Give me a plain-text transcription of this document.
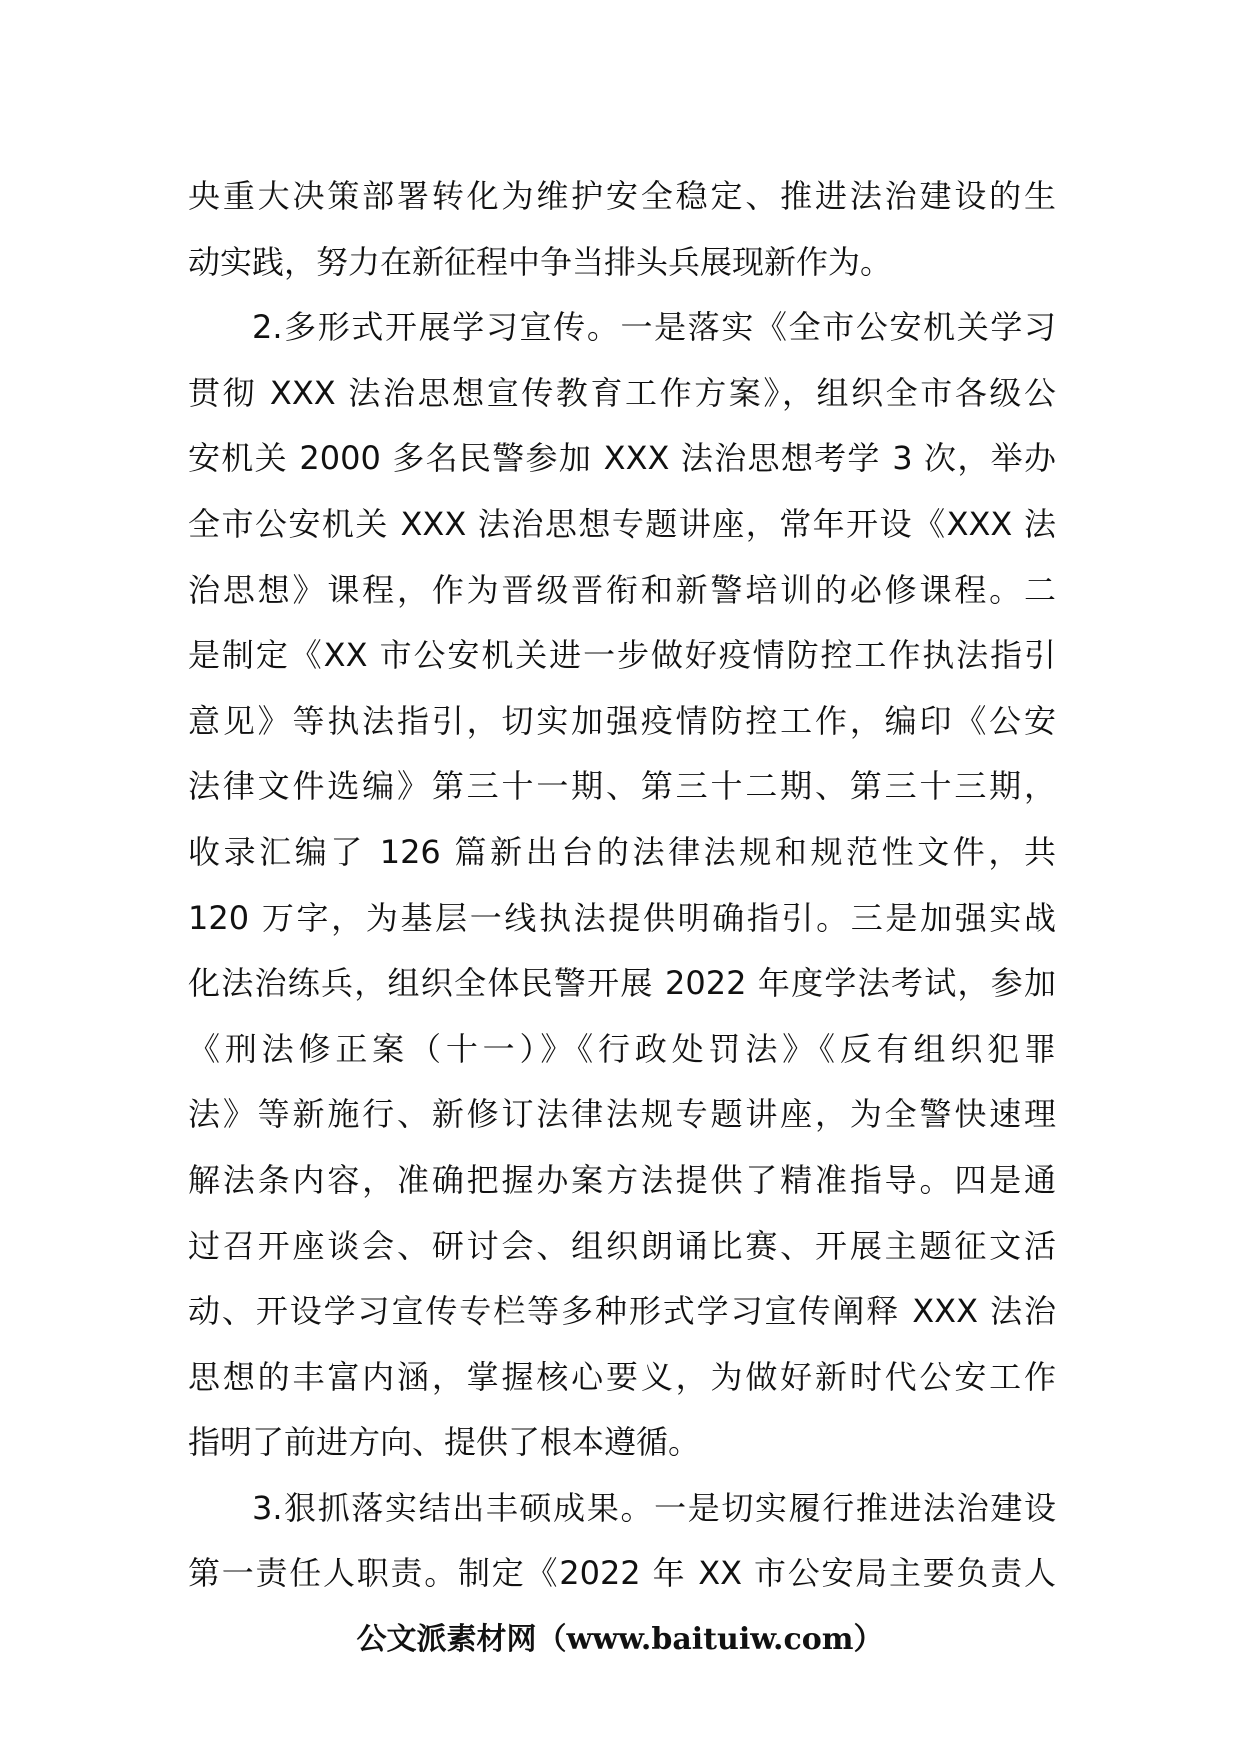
央重大决策部署转化为维护安全稳定、推进法治建设的生
动实践，努力在新征程中争当排头兵展现新作为。
2.多形式开展学习宣传。一是落实《全市公安机关学习
贯彻 XXX 法治思想宣传教育工作方案》，组织全市各级公
安机关 2000 多名民警参加 XXX 法治思想考学 3 次，举办
全市公安机关 XXX 法治思想专题讲座，常年开设《XXX 法
治思想》课程，作为晋级晋衔和新警培训的必修课程。二
是制定《XX 市公安机关进一步做好疫情防控工作执法指引
意见》等执法指引，切实加强疫情防控工作，编印《公安
法律文件选编》第三十一期、第三十二期、第三十三期，
收录汇编了 126 篇新出台的法律法规和规范性文件，共
120 万字，为基层一线执法提供明确指引。三是加强实战
化法治练兵，组织全体民警开展 2022 年度学法考试，参加
《刑法修正案（十一）》《行政处罚法》《反有组织犯罪
法》等新施行、新修订法律法规专题讲座，为全警快速理
解法条内容，准确把握办案方法提供了精准指导。四是通
过召开座谈会、研讨会、组织朗诵比赛、开展主题征文活
动、开设学习宣传专栏等多种形式学习宣传阐释 XXX 法治
思想的丰富内涵，掌握核心要义，为做好新时代公安工作
指明了前进方向、提供了根本遵循。
3.狠抓落实结出丰硕成果。一是切实履行推进法治建设
第一责任人职责。制定《2022 年 XX 市公安局主要负责人
公文派素材网（www.baituiw.com）
